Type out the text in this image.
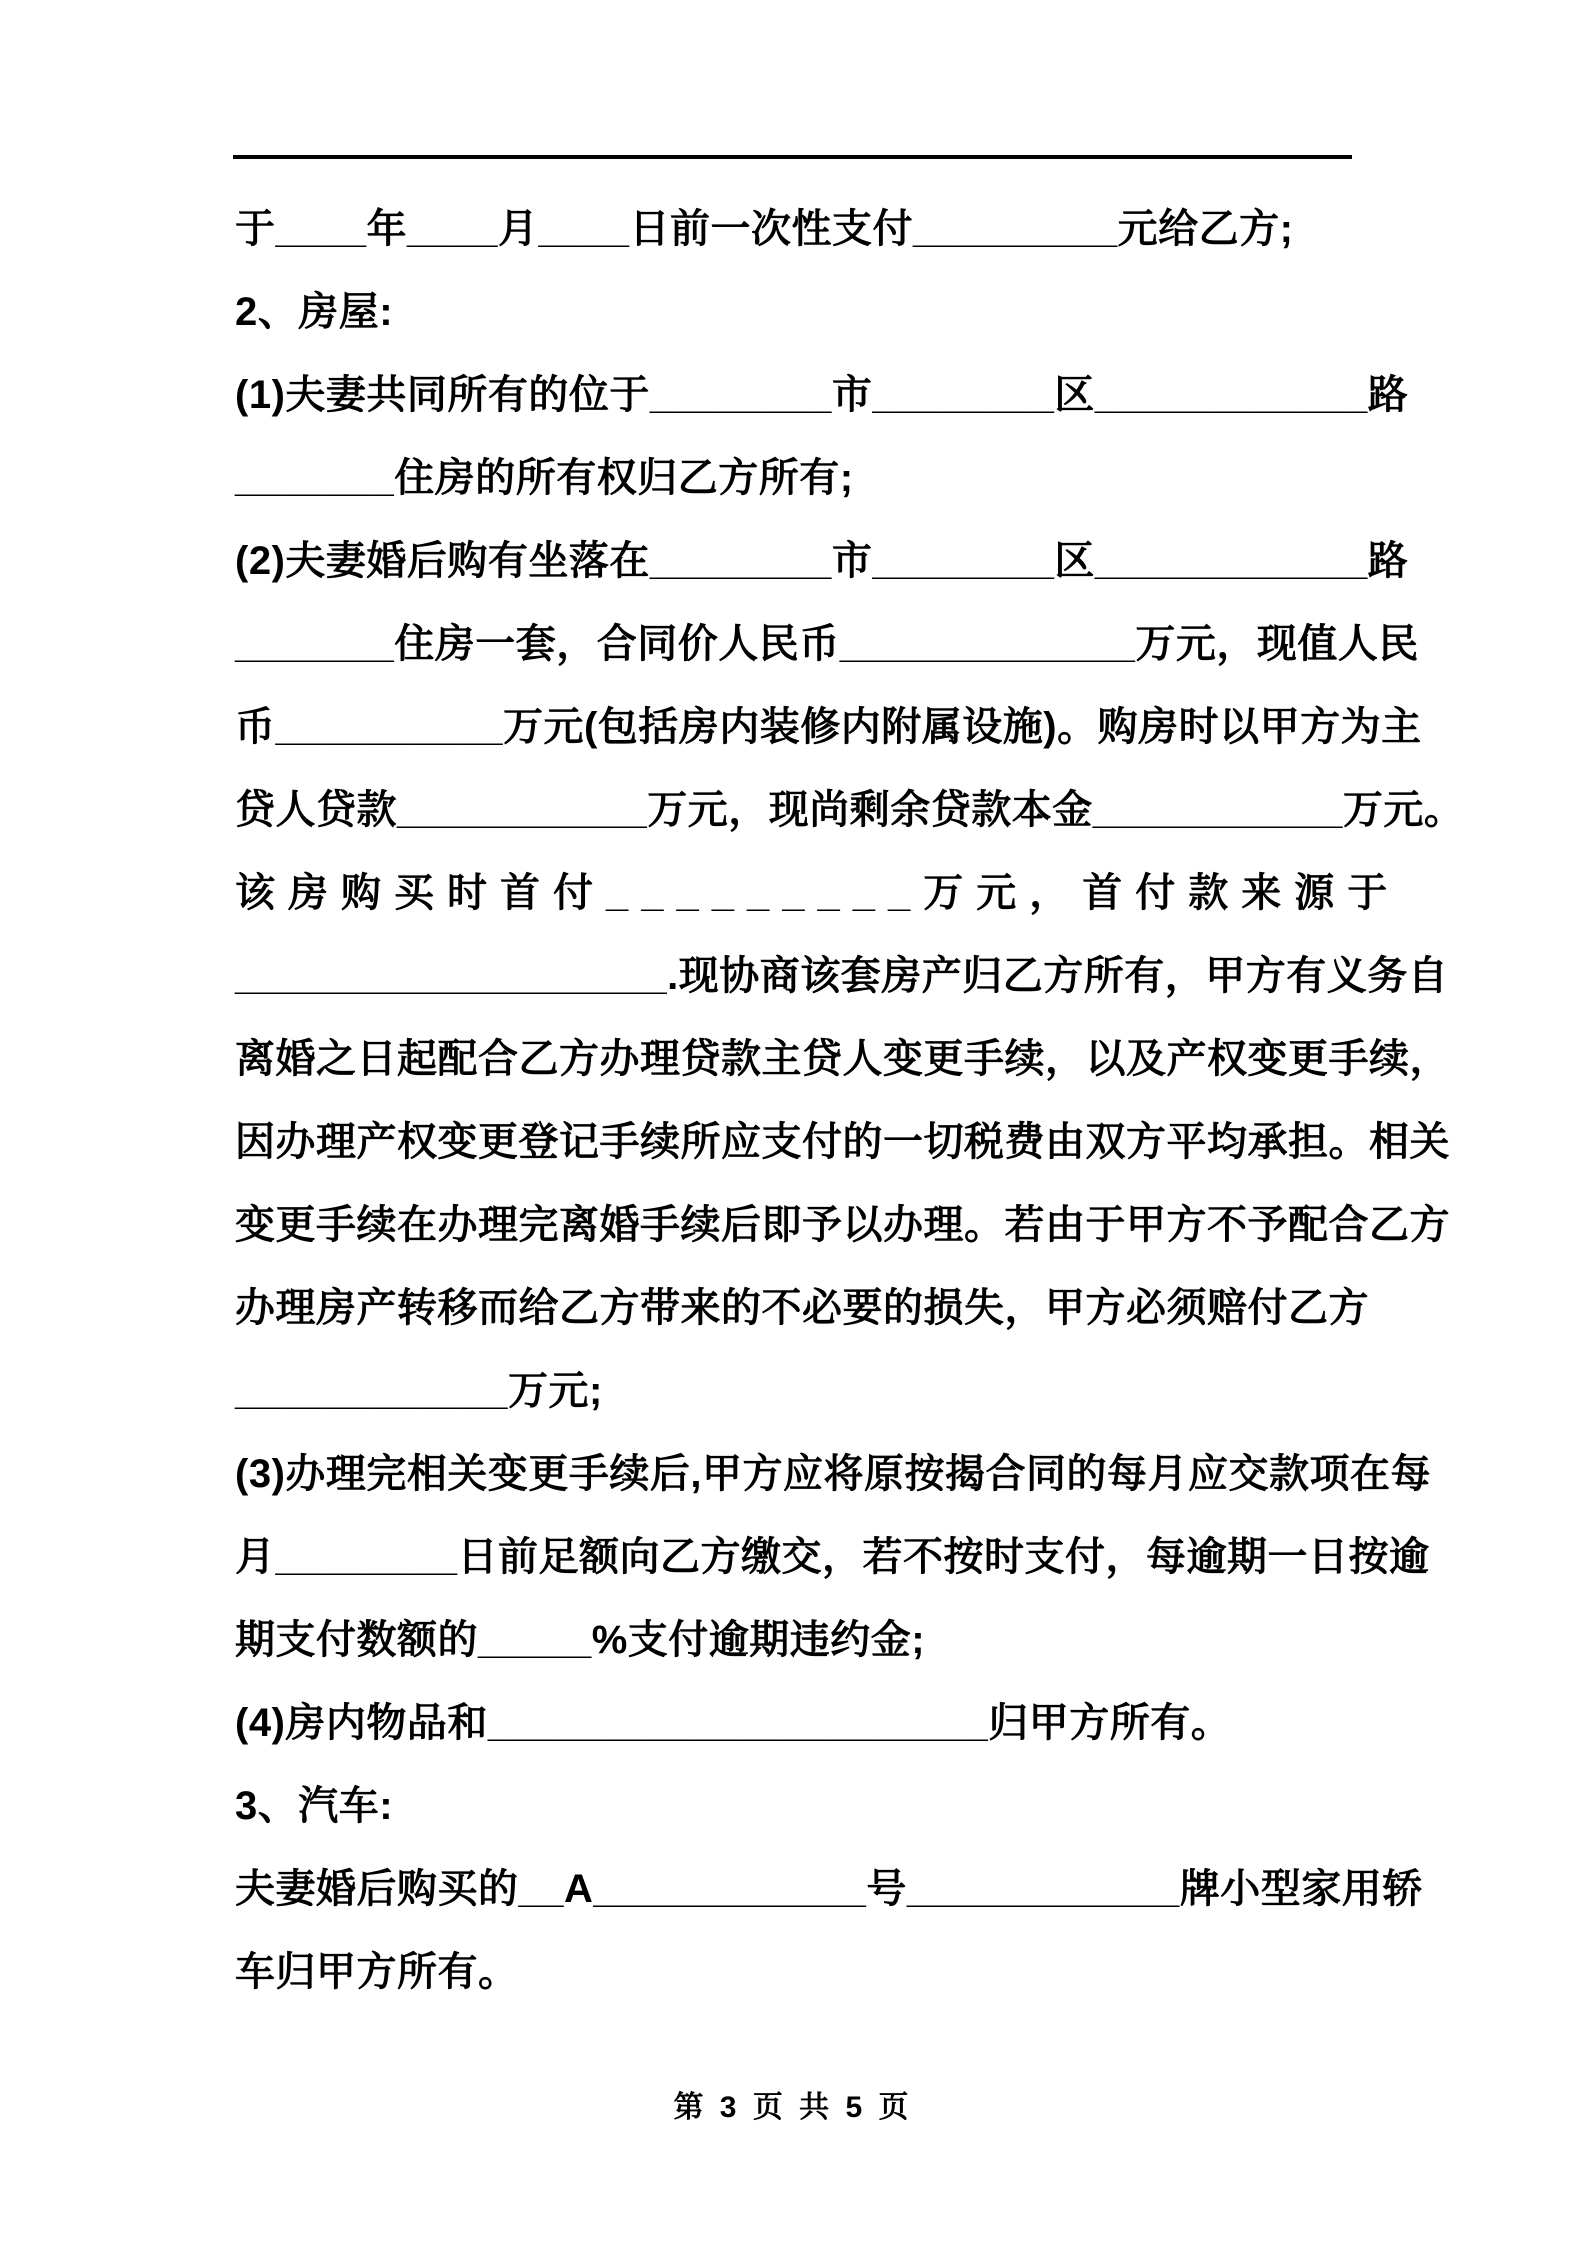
于____年____月____日前一次性支付_________元给乙方;
2、房屋:
(1)夫妻共同所有的位于________市________区____________路
_______住房的所有权归乙方所有;
(2)夫妻婚后购有坐落在________市________区____________路
_______住房一套，合同价人民币_____________万元，现值人民
币__________万元(包括房内装修内附属设施)。购房时以甲方为主
贷人贷款___________万元，现尚剩余贷款本金___________万元。
该房购买时首付_________万元，首付款来源于
___________________.现协商该套房产归乙方所有，甲方有义务自
离婚之日起配合乙方办理贷款主贷人变更手续，以及产权变更手续，
因办理产权变更登记手续所应支付的一切税费由双方平均承担。相关
变更手续在办理完离婚手续后即予以办理。若由于甲方不予配合乙方
办理房产转移而给乙方带来的不必要的损失，甲方必须赔付乙方
____________万元;
(3)办理完相关变更手续后,甲方应将原按揭合同的每月应交款项在每
月________日前足额向乙方缴交，若不按时支付，每逾期一日按逾
期支付数额的_____%支付逾期违约金;
(4)房内物品和______________________归甲方所有。
3、汽车:
夫妻婚后购买的__A____________号____________牌小型家用轿
车归甲方所有。
第 3 页 共 5 页
